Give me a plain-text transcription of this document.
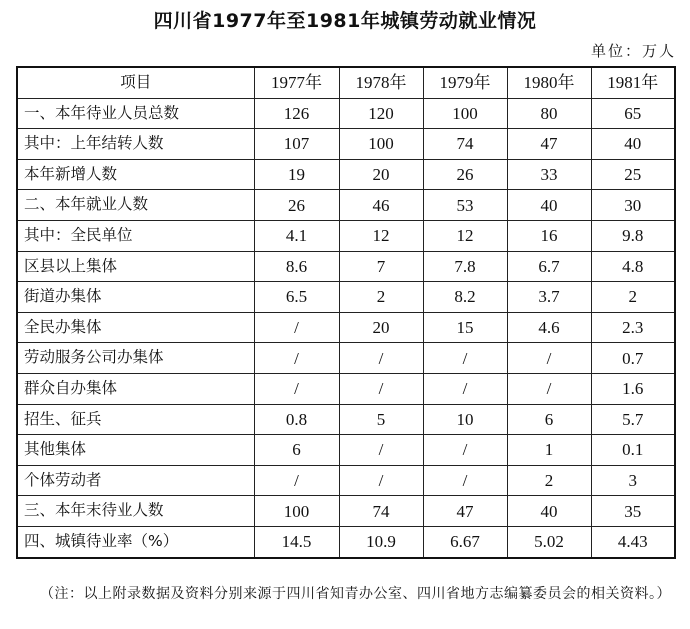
四川省1977年至1981年城镇劳动就业情况
单位：万人
项目	1977年	1978年	1979年	1980年	1981年
一、本年待业人员总数	126	120	100	80	65
其中：上年结转人数	107	100	74	47	40
本年新增人数	19	20	26	33	25
二、本年就业人数	26	46	53	40	30
其中：全民单位	4.1	12	12	16	9.8
区县以上集体	8.6	7	7.8	6.7	4.8
街道办集体	6.5	2	8.2	3.7	2
全民办集体	/	20	15	4.6	2.3
劳动服务公司办集体	/	/	/	/	0.7
群众自办集体	/	/	/	/	1.6
招生、征兵	0.8	5	10	6	5.7
其他集体	6	/	/	1	0.1
个体劳动者	/	/	/	2	3
三、本年末待业人数	100	74	47	40	35
四、城镇待业率（%）	14.5	10.9	6.67	5.02	4.43
（注：以上附录数据及资料分别来源于四川省知青办公室、四川省地方志编纂委员会的相关资料。）
